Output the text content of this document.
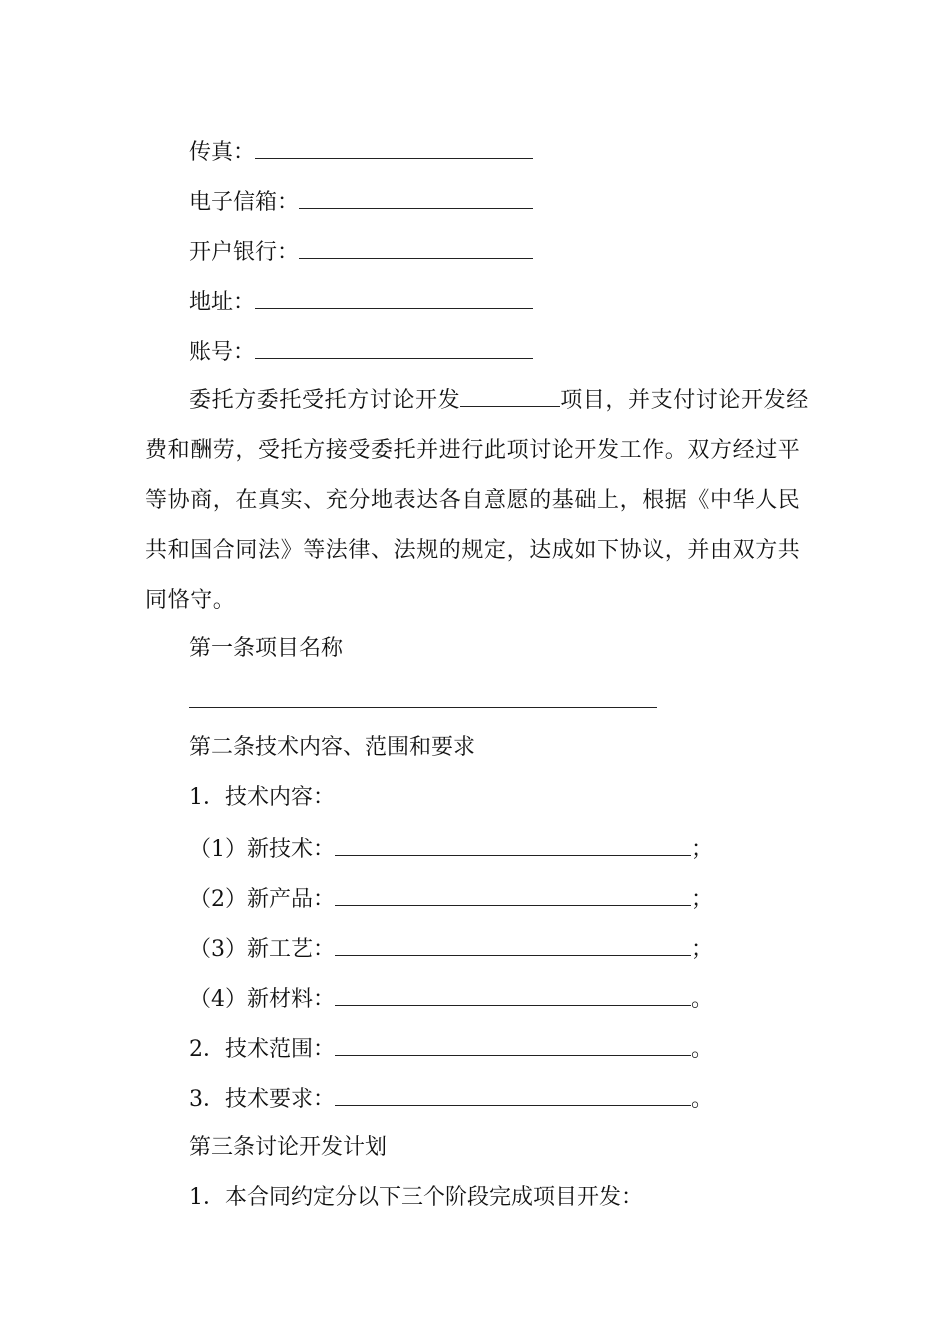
传真：
电子信箱：
开户银行：
地址：
账号：
委托方委托受托方讨论开发	项目，并支付讨论开发经费和酬劳，受托方接受委托并进行此项讨论开发工作。双方经过平等协商，在真实、充分地表达各自意愿的基础上，根据《中华人民共和国合同法》等法律、法规的规定，达成如下协议，并由双方共同恪守。
第一条项目名称
第二条技术内容、范围和要求
1．技术内容：
（1）新技术：	；
（2）新产品：	；
（3）新工艺：	；
（4）新材料：	。
2．技术范围：	。
3．技术要求：	。
第三条讨论开发计划
1．本合同约定分以下三个阶段完成项目开发：
